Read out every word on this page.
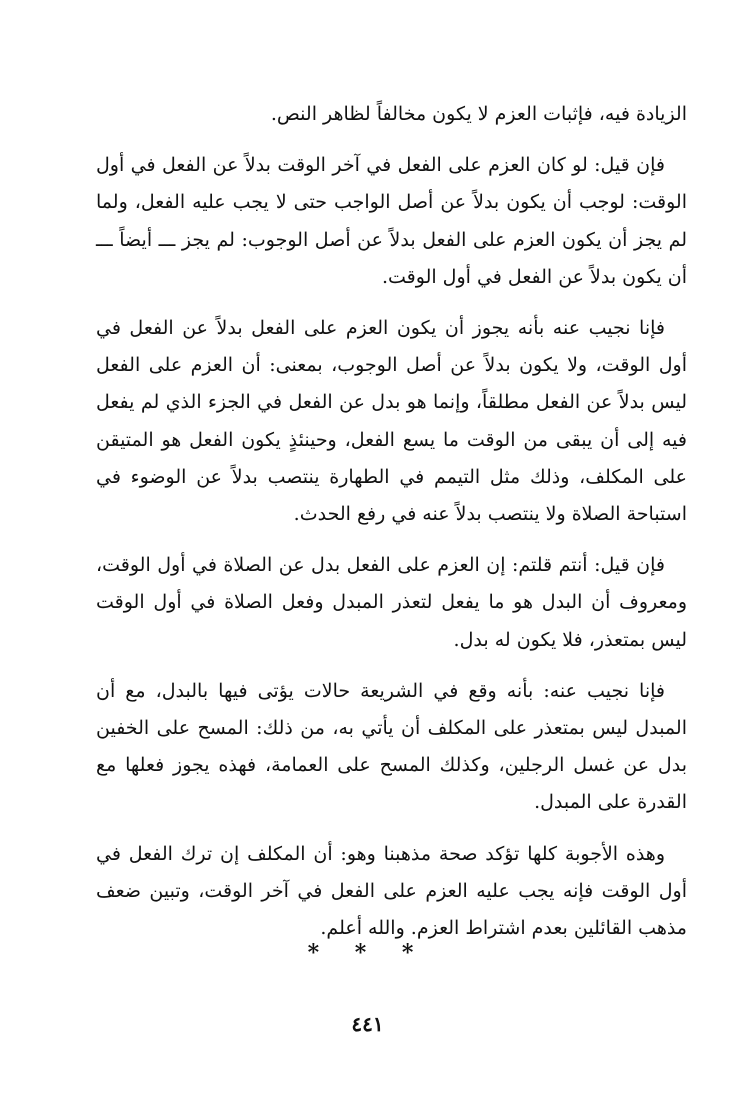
الزيادة فيه، فإثبات العزم لا يكون مخالفاً لظاهر النص.

فإن قيل: لو كان العزم على الفعل في آخر الوقت بدلاً عن الفعل في أول الوقت: لوجب أن يكون بدلاً عن أصل الواجب حتى لا يجب عليه الفعل، ولما لم يجز أن يكون العزم على الفعل بدلاً عن أصل الوجوب: لم يجز ـــ أيضاً ـــ أن يكون بدلاً عن الفعل في أول الوقت.

فإنا نجيب عنه بأنه يجوز أن يكون العزم على الفعل بدلاً عن الفعل في أول الوقت، ولا يكون بدلاً عن أصل الوجوب، بمعنى: أن العزم على الفعل ليس بدلاً عن الفعل مطلقاً، وإنما هو بدل عن الفعل في الجزء الذي لم يفعل فيه إلى أن يبقى من الوقت ما يسع الفعل، وحينئذٍ يكون الفعل هو المتيقن على المكلف، وذلك مثل التيمم في الطهارة ينتصب بدلاً عن الوضوء في استباحة الصلاة ولا ينتصب بدلاً عنه في رفع الحدث.

فإن قيل: أنتم قلتم: إن العزم على الفعل بدل عن الصلاة في أول الوقت، ومعروف أن البدل هو ما يفعل لتعذر المبدل وفعل الصلاة في أول الوقت ليس بمتعذر، فلا يكون له بدل.

فإنا نجيب عنه: بأنه وقع في الشريعة حالات يؤتى فيها بالبدل، مع أن المبدل ليس بمتعذر على المكلف أن يأتي به، من ذلك: المسح على الخفين بدل عن غسل الرجلين، وكذلك المسح على العمامة، فهذه يجوز فعلها مع القدرة على المبدل.

وهذه الأجوبة كلها تؤكد صحة مذهبنا وهو: أن المكلف إن ترك الفعل في أول الوقت فإنه يجب عليه العزم على الفعل في آخر الوقت، وتبين ضعف مذهب القائلين بعدم اشتراط العزم. والله أعلم.

* * *
٤٤١
